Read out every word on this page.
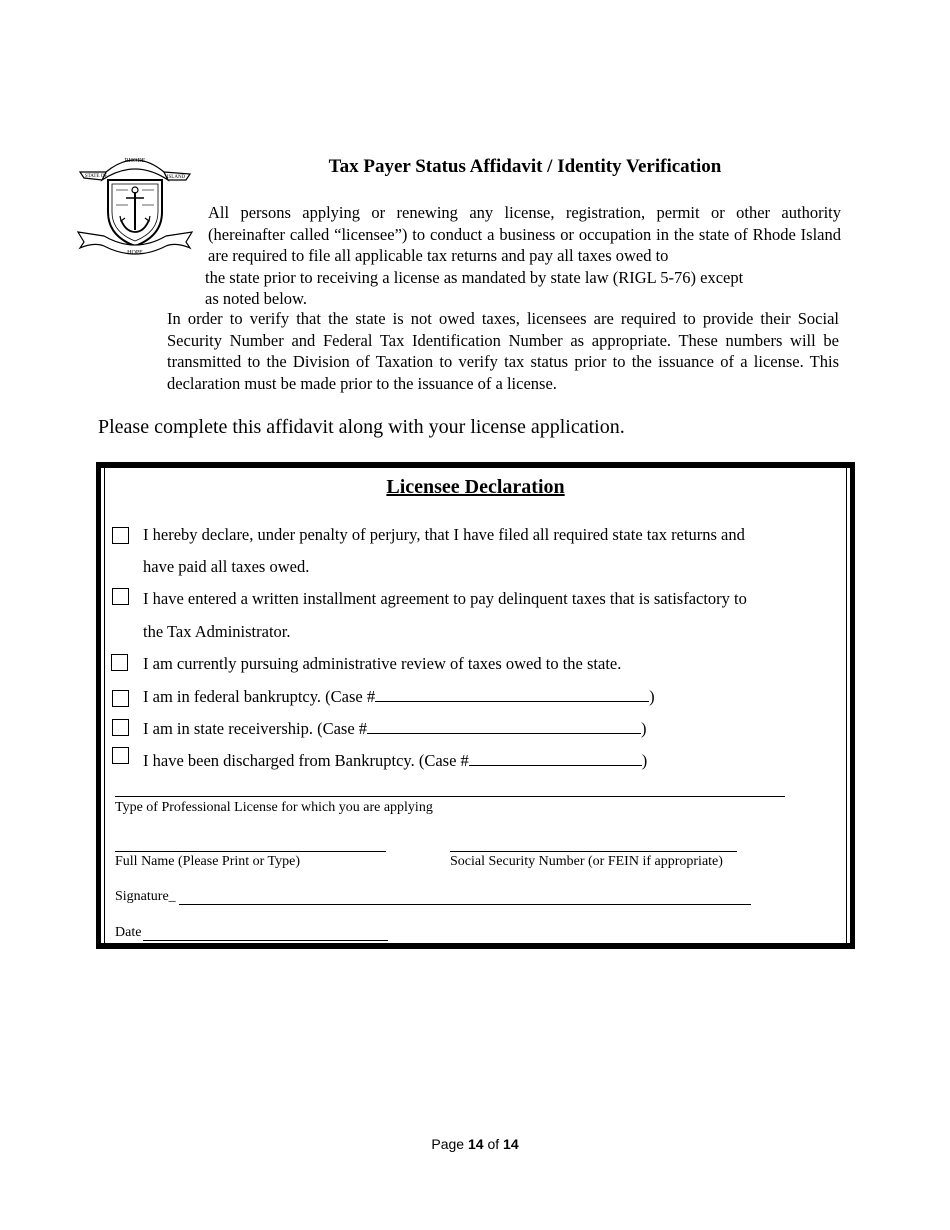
RHODE
STATE OF	ISLAND
HOPE
Tax Payer Status Affidavit / Identity Verification

All persons applying or renewing any license, registration, permit or other authority (hereinafter called “licensee”) to conduct a business or occupation in the state of Rhode Island are required to file all applicable tax returns and pay all taxes owed to
the state prior to receiving a license as mandated by state law (RIGL 5-76) except
as noted below.

In order to verify that the state is not owed taxes, licensees are required to provide their Social Security Number and Federal Tax Identification Number as appropriate. These numbers will be transmitted to the Division of Taxation to verify tax status prior to the issuance of a license. This declaration must be made prior to the issuance of a license.

Please complete this affidavit along with your license application.

Licensee Declaration
I hereby declare, under penalty of perjury, that I have filed all required state tax returns and
have paid all taxes owed.
I have entered a written installment agreement to pay delinquent taxes that is satisfactory to
the Tax Administrator.
I am currently pursuing administrative review of taxes owed to the state.
I am in federal bankruptcy. (Case #	)
I am in state receivership. (Case #	)
I have been discharged from Bankruptcy. (Case #	)
Type of Professional License for which you are applying
Full Name (Please Print or Type)	Social Security Number (or FEIN if appropriate)
Signature_
Date
Page 14 of 14
